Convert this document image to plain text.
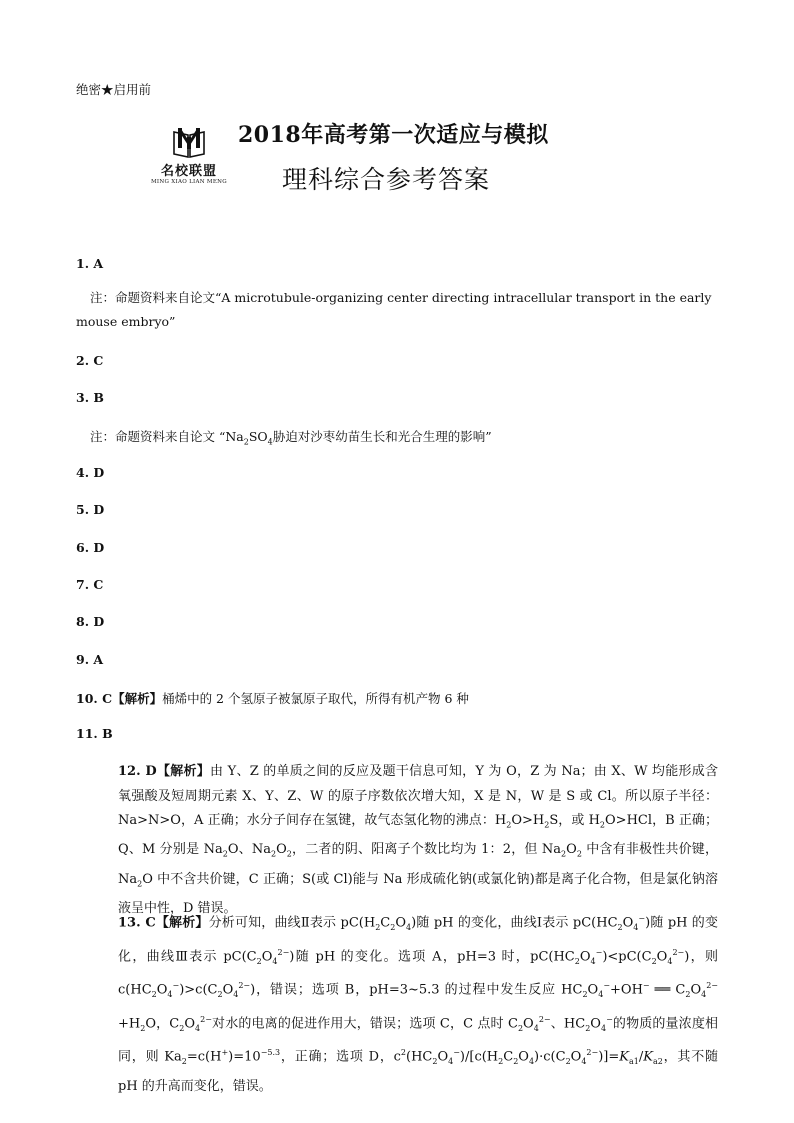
绝密★启用前
名校联盟
MING XIAO LIAN MENG
2018年高考第一次适应与模拟
理科综合参考答案
1. A
注：命题资料来自论文“A microtubule-organizing center directing intracellular transport in the early mouse embryo”
2. C
3. B
注：命题资料来自论文 “$Na_2SO_4$胁迫对沙枣幼苗生长和光合生理的影响”
4. D
5. D
6. D
7. C
8. D
9. A
10. C【解析】桶烯中的 2 个氢原子被氯原子取代，所得有机产物 6 种
11. B
12. D【解析】由 Y、Z 的单质之间的反应及题干信息可知，Y 为 O，Z 为 Na；由 X、W 均能形成含氧强酸及短周期元素 X、Y、Z、W 的原子序数依次增大知，X 是 N，W 是 S 或 Cl。所以原子半径：Na>N>O，A 正确；水分子间存在氢键，故气态氢化物的沸点：$H_2O>H_2S$，或 $H_2O>HCl$，B 正确；Q、M 分别是 $Na_2O$、$Na_2O_2$，二者的阴、阳离子个数比均为 1：2，但 $Na_2O_2$ 中含有非极性共价键，$Na_2O$ 中不含共价键，C 正确；S(或 Cl)能与 Na 形成硫化钠(或氯化钠)都是离子化合物，但是氯化钠溶液呈中性，D 错误。
13. C【解析】分析可知，曲线Ⅱ表示 $pC(H_2C_2O_4)$随 pH 的变化，曲线Ⅰ表示 $pC(HC_2O_4^-)$随 pH 的变化，曲线Ⅲ表示 $pC(C_2O_4^{2-})$随 pH 的变化。选项 A，pH=3 时，$pC(HC_2O_4^-)<pC(C_2O_4^{2-})$，则 $c(HC_2O_4^-)>c(C_2O_4^{2-})$，错误；选项 B，pH=3~5.3 的过程中发生反应 $HC_2O_4^-+OH^-$ ══ $C_2O_4^{2-}+H_2O$，$C_2O_4^{2-}$对水的电离的促进作用大，错误；选项 C，C 点时 $C_2O_4^{2-}$、$HC_2O_4^-$的物质的量浓度相同，则 $Ka_2=c(H^+)=10^{-5.3}$，正确；选项 D，$c^2(HC_2O_4^-)/[c(H_2C_2O_4)\cdot c(C_2O_4^{2-})]=K_{a1}/K_{a2}$，其不随 pH 的升高而变化，错误。
